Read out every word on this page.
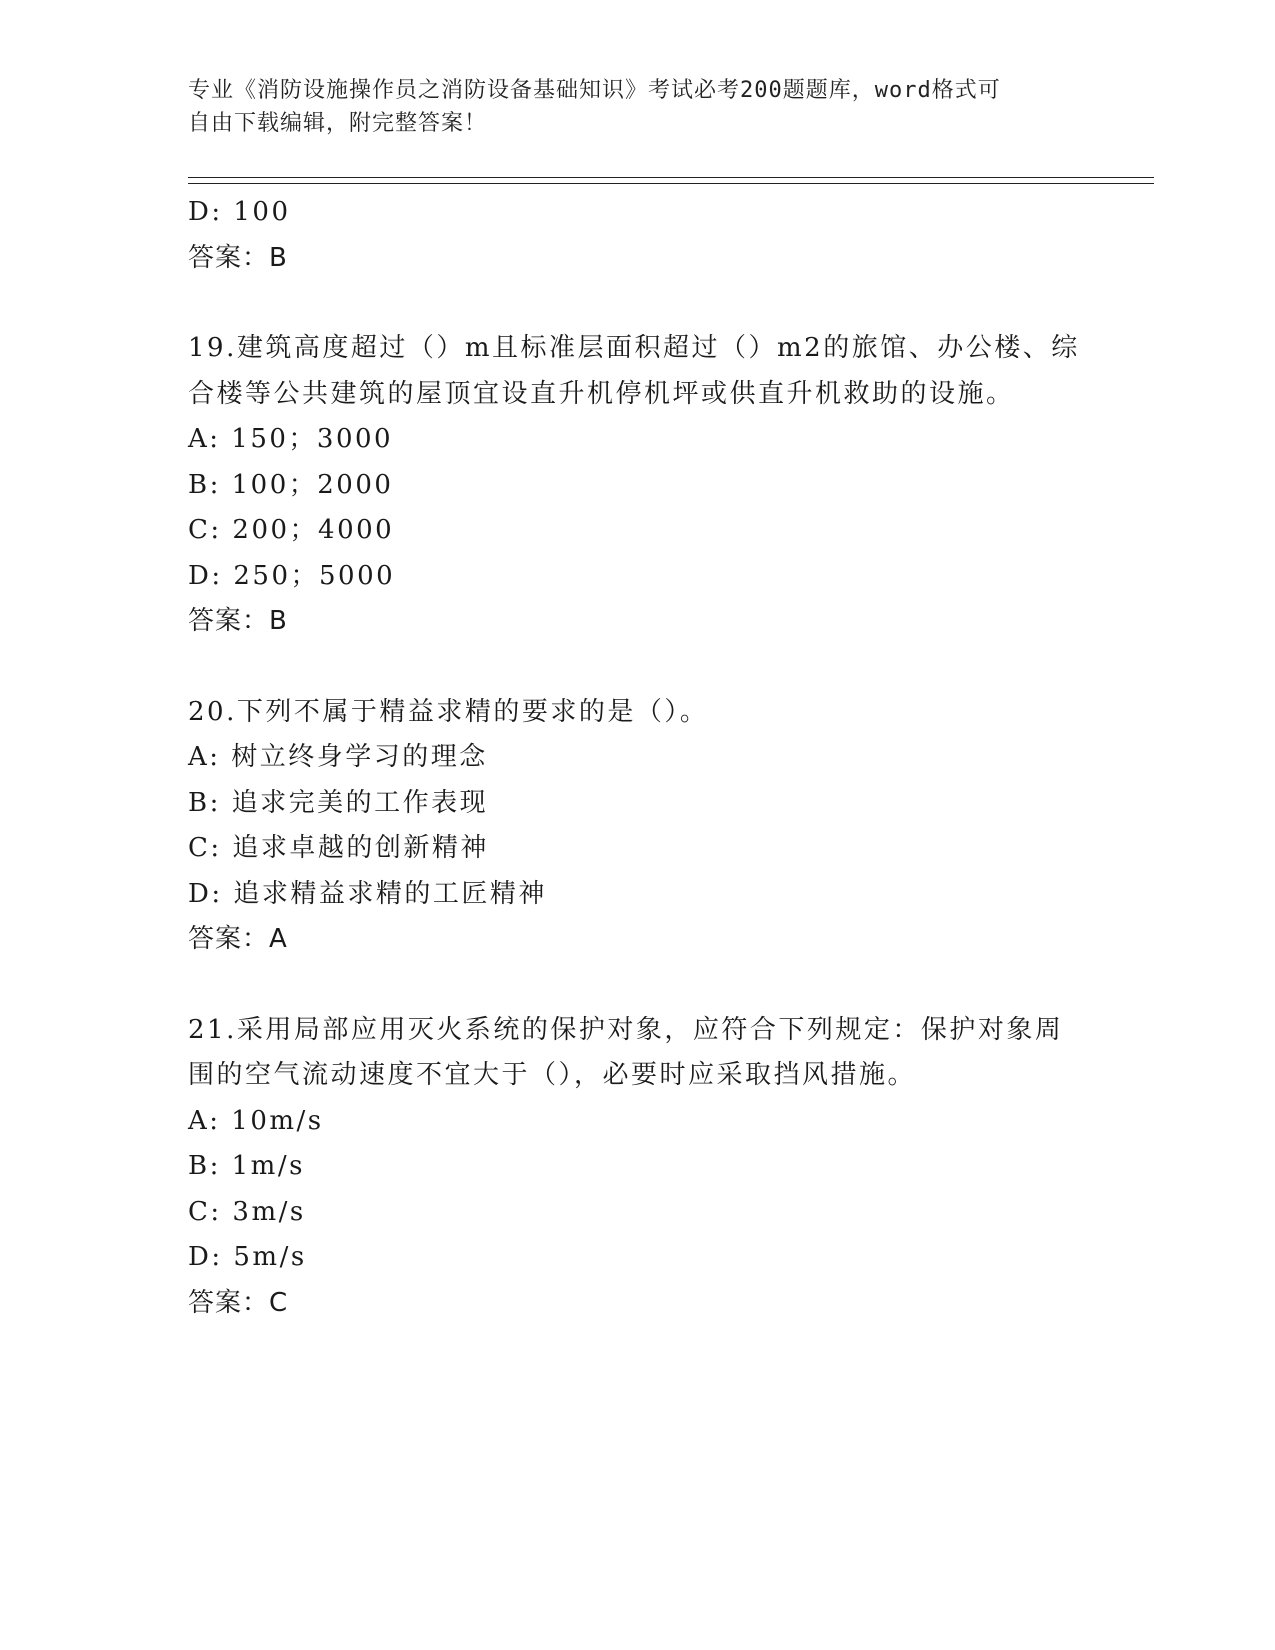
专业《消防设施操作员之消防设备基础知识》考试必考200题题库，word格式可
自由下载编辑，附完整答案！
D: 100
答案：B
19.建筑高度超过（）m且标准层面积超过（）m2的旅馆、办公楼、综
合楼等公共建筑的屋顶宜设直升机停机坪或供直升机救助的设施。
A: 150；3000
B: 100；2000
C: 200；4000
D: 250；5000
答案：B
20.下列不属于精益求精的要求的是（）。
A: 树立终身学习的理念
B: 追求完美的工作表现
C: 追求卓越的创新精神
D: 追求精益求精的工匠精神
答案：A
21.采用局部应用灭火系统的保护对象，应符合下列规定：保护对象周
围的空气流动速度不宜大于（），必要时应采取挡风措施。
A: 10m/s
B: 1m/s
C: 3m/s
D: 5m/s
答案：C
